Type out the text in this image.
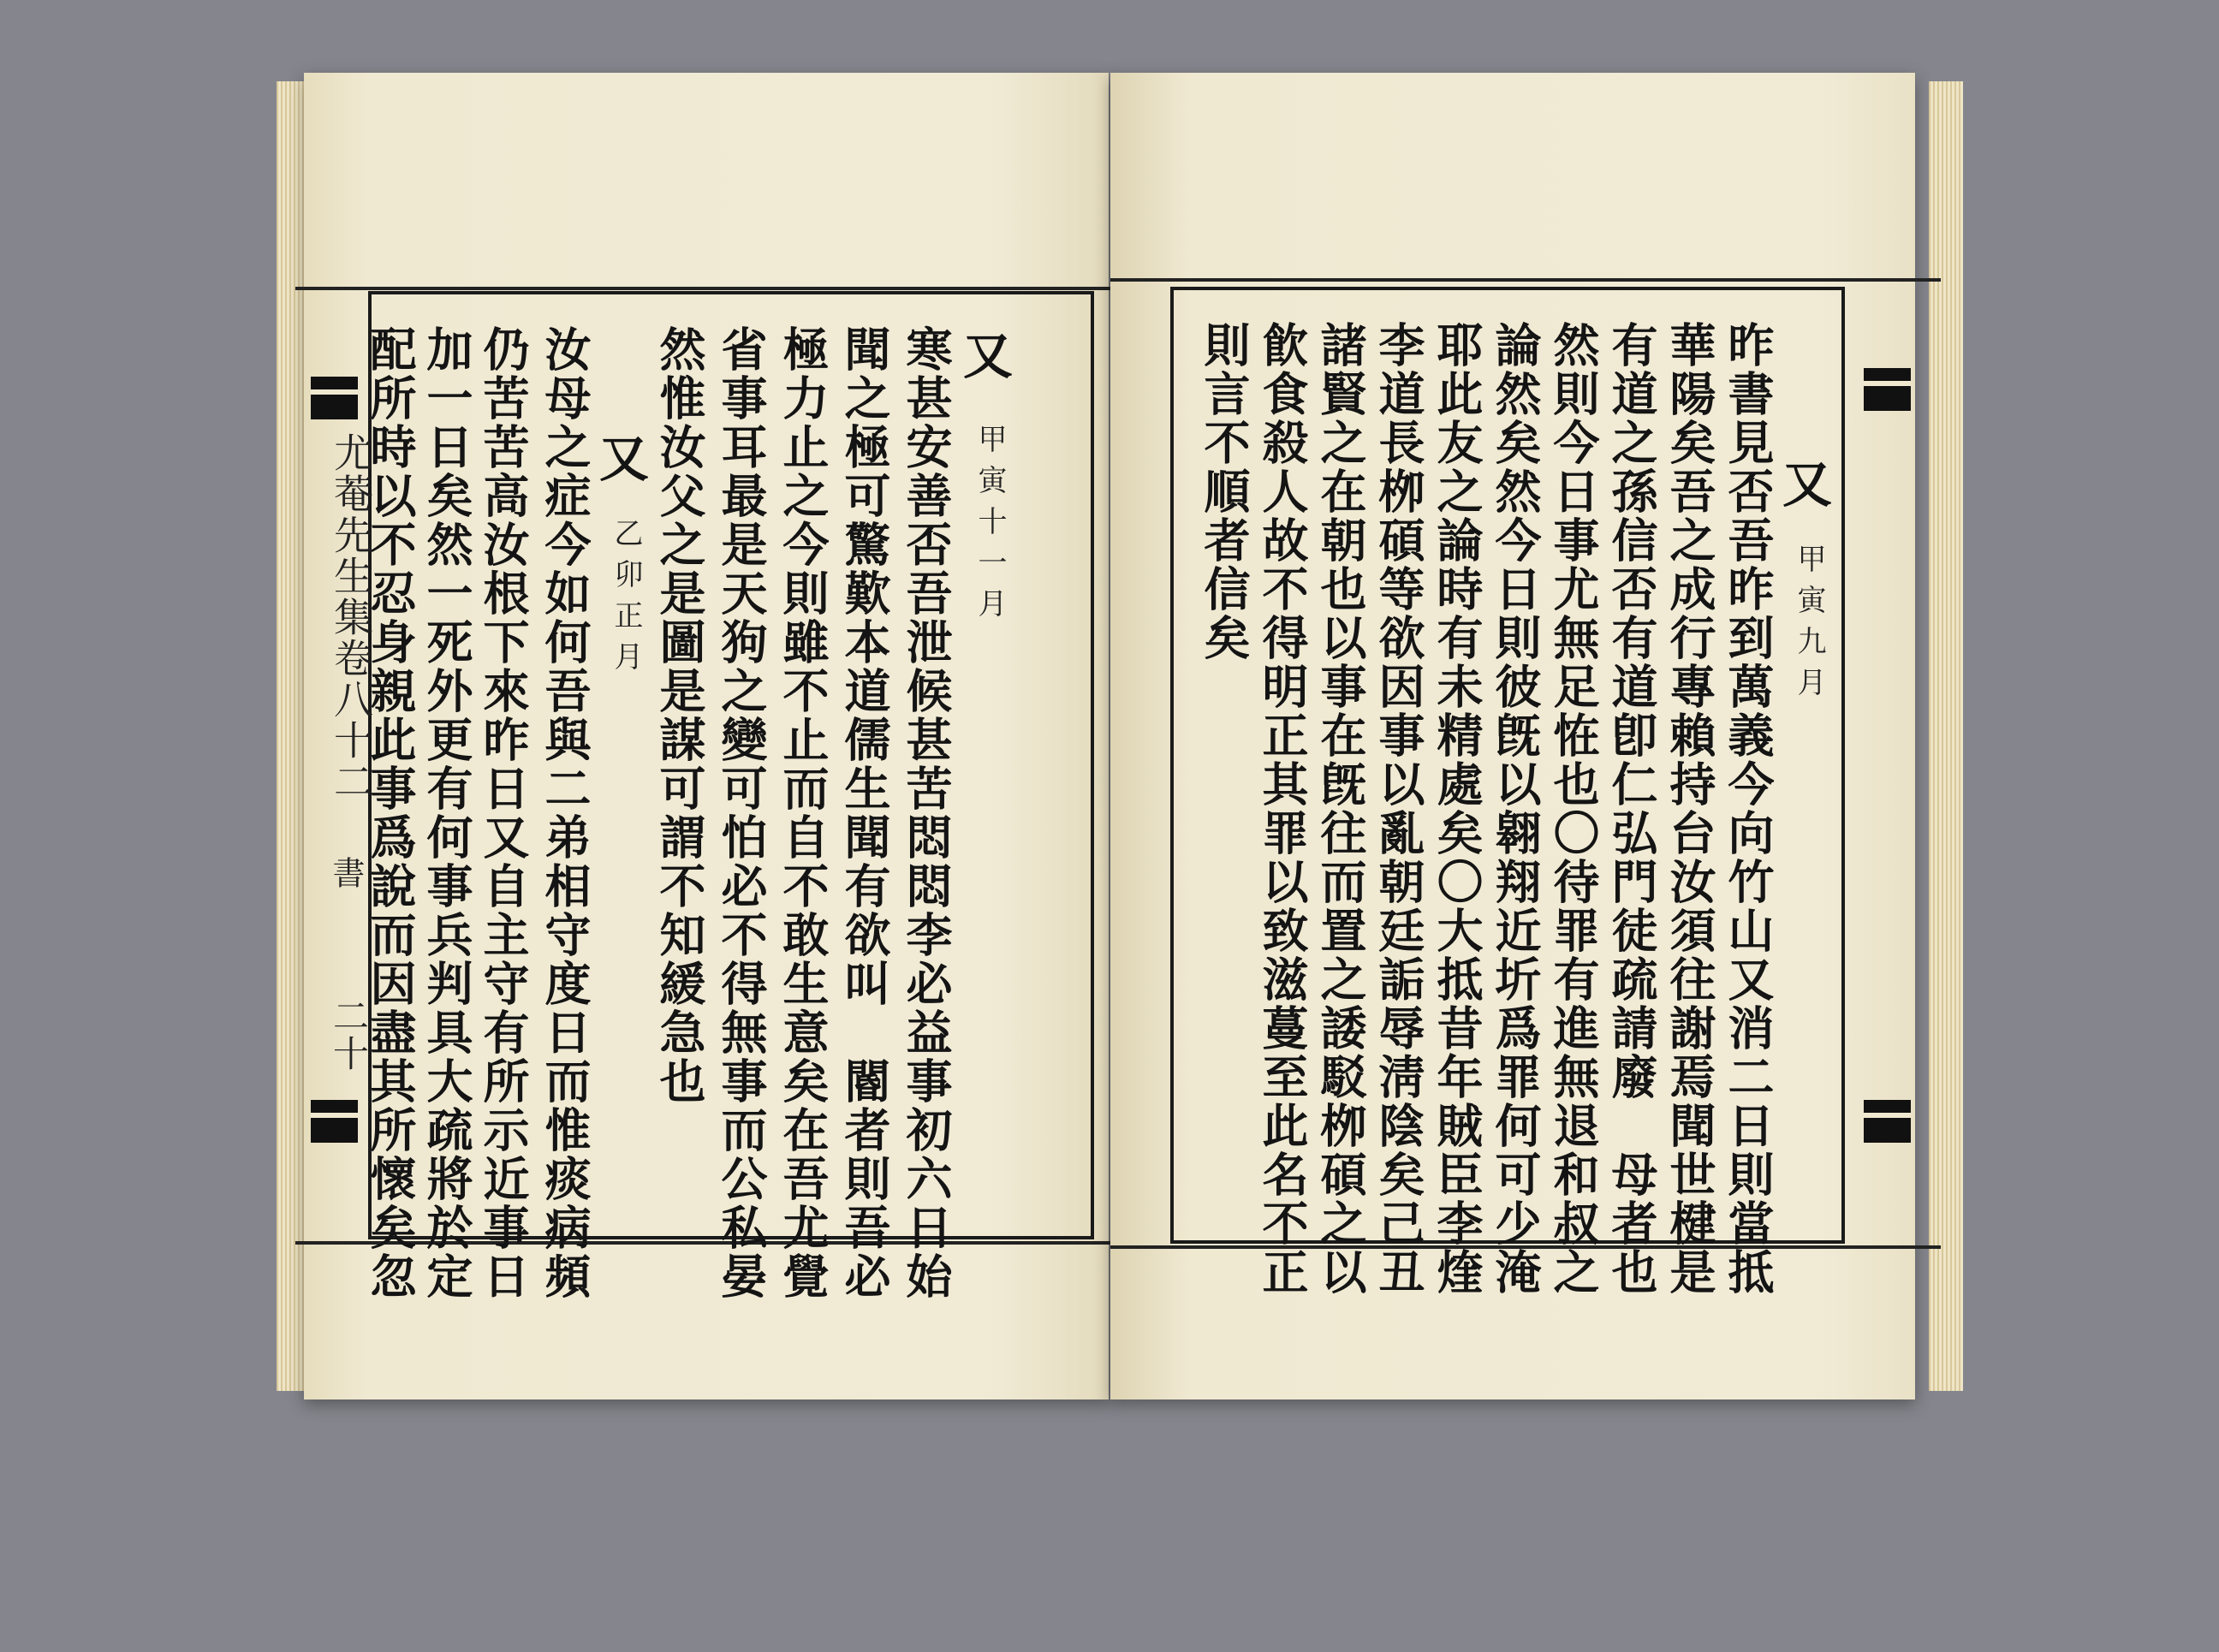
尤菴先生集卷八十二
書
二十
又
甲寅十一月
寒甚安善否吾泄候甚苦悶悶李必益事初六日始
聞之極可驚歎本道儒生聞有欲叫　閽者則吾必
極力止之今則雖不止而自不敢生意矣在吾尤覺
省事耳最是天狗之變可怕必不得無事而公私晏
然惟汝父之是圖是謀可謂不知緩急也
又
乙卯正月
汝母之症今如何吾與二弟相守度日而惟痰病頻
仍苦苦高汝根下來昨日又自主守有所示近事日
加一日矣然一死外更有何事兵判具大疏將於定
配所時以不忍身親此事爲說而因盡其所懷矣忽	又
甲寅九月
昨書見否吾昨到萬義今向竹山又消二日則當抵
華陽矣吾之成行專賴持台汝須往謝焉聞世楗是
有道之孫信否有道卽仁弘門徒疏請廢　母者也
然則今日事尤無足恠也〇待罪有進無退和叔之
論然矣然今日則彼旣以翱翔近圻爲罪何可少淹
耶此友之論時有未精處矣〇大抵昔年賊臣李煃
李道長栁碩等欲因事以亂朝廷詬辱淸陰矣己丑
諸賢之在朝也以事在旣往而置之諉駁栁碩之以
飮食殺人故不得明正其罪以致滋蔓至此名不正
則言不順者信矣
